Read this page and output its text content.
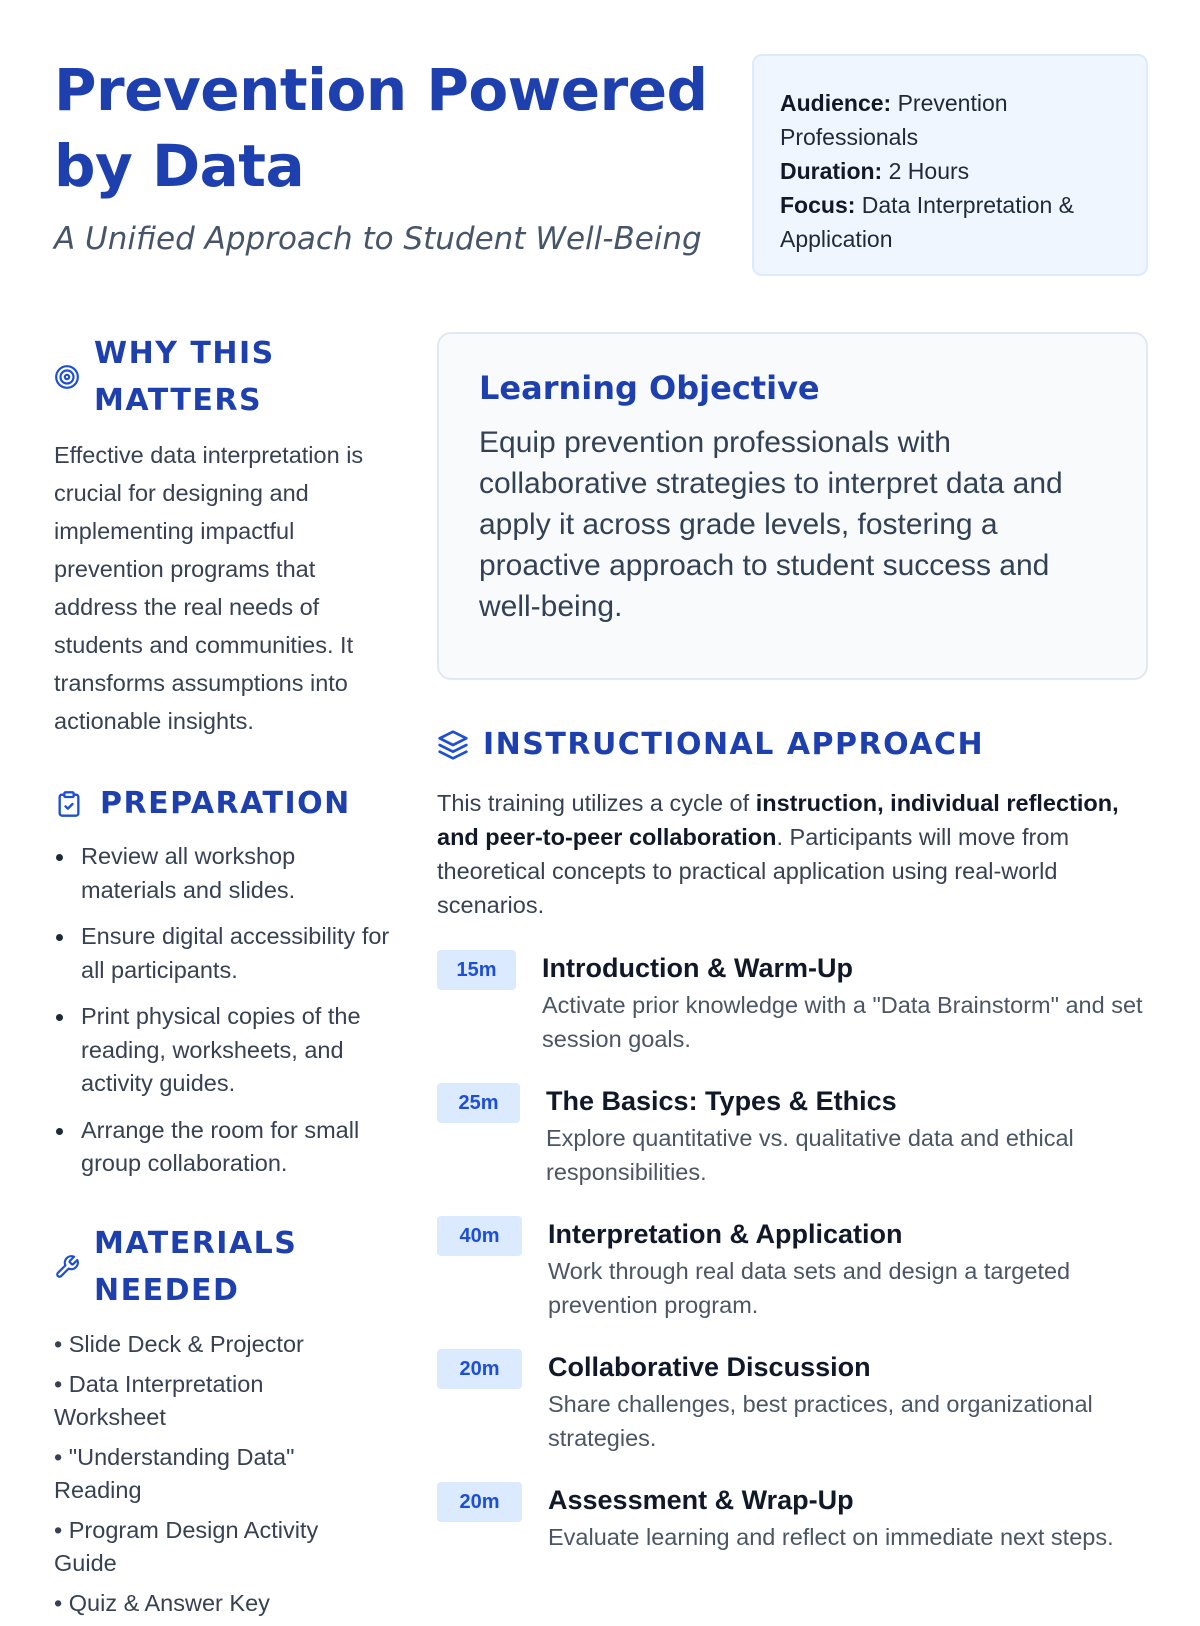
Prevention Powered by Data

A Unified Approach to Student Well-Being

Audience: Prevention Professionals
Duration: 2 Hours
Focus: Data Interpretation & Application
WHY THIS MATTERS

Effective data interpretation is crucial for designing and implementing impactful prevention programs that address the real needs of students and communities. It transforms assumptions into actionable insights.

PREPARATION
Review all workshop materials and slides.
Ensure digital accessibility for all participants.
Print physical copies of the reading, worksheets, and activity guides.
Arrange the room for small group collaboration.
MATERIALS NEEDED
• Slide Deck & Projector
• Data Interpretation Worksheet
• "Understanding Data" Reading
• Program Design Activity Guide
• Quiz & Answer Key
Learning Objective

Equip prevention professionals with collaborative strategies to interpret data and apply it across grade levels, fostering a proactive approach to student success and well-being.

INSTRUCTIONAL APPROACH

This training utilizes a cycle of instruction, individual reflection, and peer-to-peer collaboration. Participants will move from theoretical concepts to practical application using real-world scenarios.

15m	Introduction & Warm-Up

Activate prior knowledge with a "Data Brainstorm" and set session goals.

25m	The Basics: Types & Ethics

Explore quantitative vs. qualitative data and ethical responsibilities.

40m	Interpretation & Application

Work through real data sets and design a targeted prevention program.

20m	Collaborative Discussion

Share challenges, best practices, and organizational strategies.

20m	Assessment & Wrap-Up

Evaluate learning and reflect on immediate next steps.
